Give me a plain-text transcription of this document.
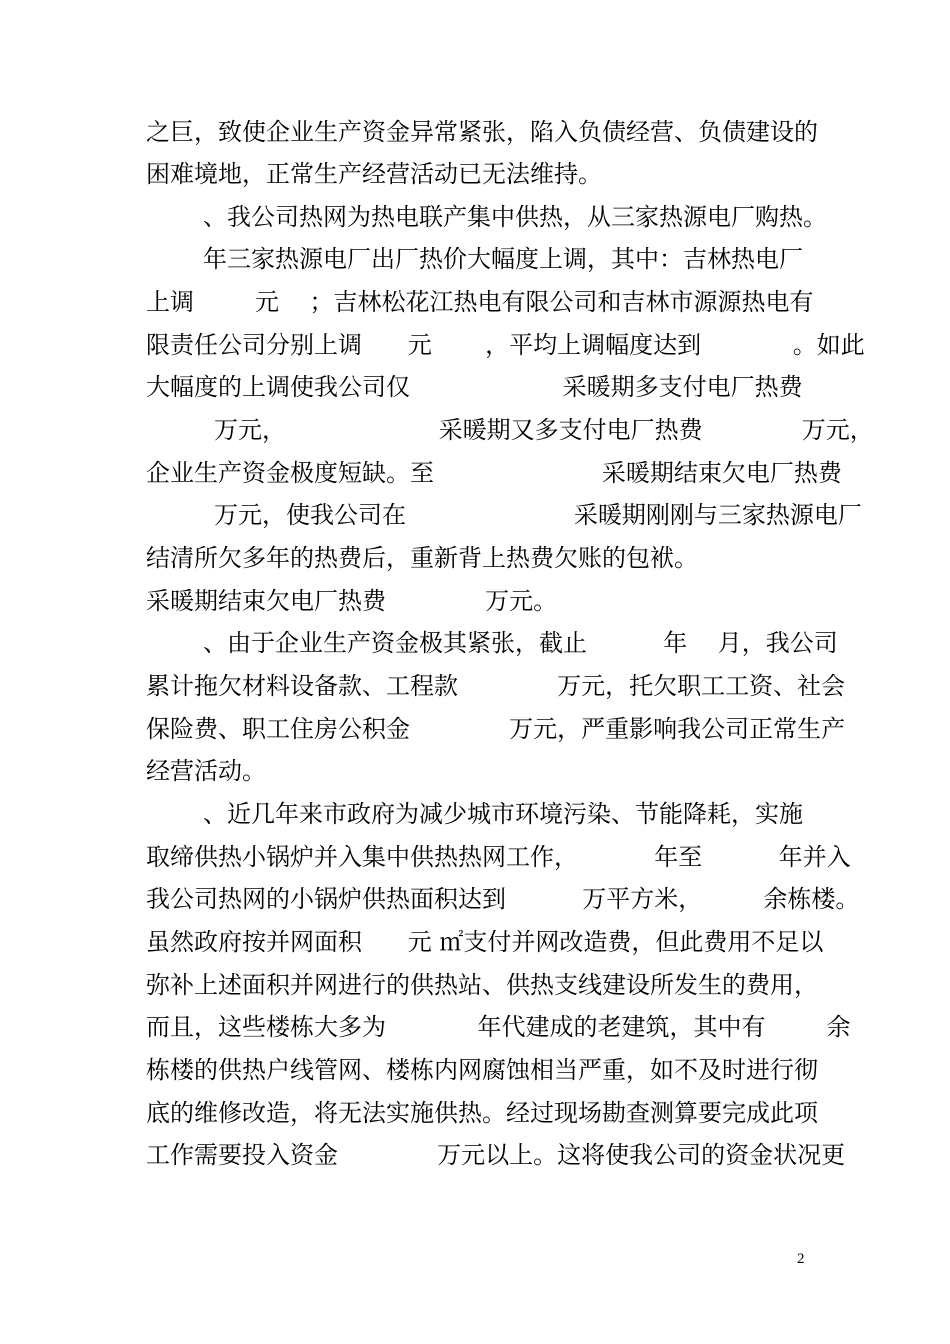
之巨，致使企业生产资金异常紧张，陷入负债经营、负债建设的
困难境地，正常生产经营活动已无法维持。
、我公司热网为热电联产集中供热，从三家热源电厂购热。
年三家热源电厂出厂热价大幅度上调，其中：吉林热电厂
上调        元    ；吉林松花江热电有限公司和吉林市源源热电有
限责任公司分别上调      元       ，平均上调幅度达到            。如此
大幅度的上调使我公司仅                    采暖期多支付电厂热费
万元，                    采暖期又多支付电厂热费             万元，
企业生产资金极度短缺。至                      采暖期结束欠电厂热费
万元，使我公司在                      采暖期刚刚与三家热源电厂
结清所欠多年的热费后，重新背上热费欠账的包袱。
采暖期结束欠电厂热费             万元。
、由于企业生产资金极其紧张，截止          年    月，我公司
累计拖欠材料设备款、工程款             万元，托欠职工工资、社会
保险费、职工住房公积金             万元，严重影响我公司正常生产
经营活动。
、近几年来市政府为减少城市环境污染、节能降耗，实施
取缔供热小锅炉并入集中供热热网工作，          年至          年并入
我公司热网的小锅炉供热面积达到          万平方米，        余栋楼。
虽然政府按并网面积      元 ㎡支付并网改造费，但此费用不足以
弥补上述面积并网进行的供热站、供热支线建设所发生的费用，
而且，这些楼栋大多为            年代建成的老建筑，其中有        余
栋楼的供热户线管网、楼栋内网腐蚀相当严重，如不及时进行彻
底的维修改造，将无法实施供热。经过现场勘查测算要完成此项
工作需要投入资金             万元以上。这将使我公司的资金状况更
2
